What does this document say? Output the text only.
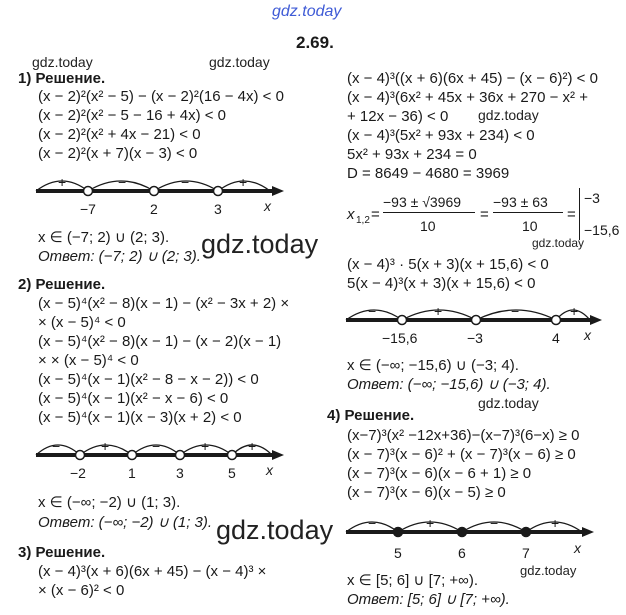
gdz.today
2.69.
gdz.today	gdz.today
gdz.today
gdz.today
gdz.today
gdz.today
gdz.today
1) Решение.
(x − 2)²(x² − 5) − (x − 2)²(16 − 4x) < 0
(x − 2)²(x² − 5 − 16 + 4x) < 0
(x − 2)²(x² + 4x − 21) < 0
(x − 2)²(x + 7)(x − 3) < 0
+	−	−	+
−7	2	3	x
x ∈ (−7; 2) ∪ (2; 3).
Ответ: (−7; 2) ∪ (2; 3).
2) Решение.
(x − 5)⁴(x² − 8)(x − 1) − (x² − 3x + 2) ×
× (x − 5)⁴ < 0
(x − 5)⁴(x² − 8)(x − 1) − (x − 2)(x − 1)
× × (x − 5)⁴ < 0
(x − 5)⁴(x − 1)(x² − 8 − x − 2)) < 0
(x − 5)⁴(x − 1)(x² − x − 6) < 0
(x − 5)⁴(x − 1)(x − 3)(x + 2) < 0
−	+	−	+	+
−2	1	3	5 x
x ∈ (−∞; −2) ∪ (1; 3).
Ответ: (−∞; −2) ∪ (1; 3).
3) Решение.
(x − 4)³(x + 6)(6x + 45) − (x − 4)³ ×
× (x − 6)² < 0
(x − 4)³((x + 6)(6x + 45) − (x − 6)²) < 0
(x − 4)³(6x² + 45x + 36x + 270 − x² +
+ 12x − 36) < 0
(x − 4)³(5x² + 93x + 234) < 0
5x² + 93x + 234 = 0
D = 8649 − 4680 = 3969
x 1,2 =
−93 ± √3969
10
=
−93 ± 63
10
=
−3
−15,6
(x − 4)³ · 5(x + 3)(x + 15,6) < 0
5(x − 4)³(x + 3)(x + 15,6) < 0
−	+	−	+
−15,6	−3	4 x
x ∈ (−∞; −15,6) ∪ (−3; 4).
Ответ: (−∞; −15,6) ∪ (−3; 4).
4) Решение.
(x−7)³(x² −12x+36)−(x−7)³(6−x) ≥ 0
(x − 7)³(x − 6)² + (x − 7)³(x − 6) ≥ 0
(x − 7)³(x − 6)(x − 6 + 1) ≥ 0
(x − 7)³(x − 6)(x − 5) ≥ 0
−	+	−	+
5	6	7	x
x ∈ [5; 6] ∪ [7; +∞).
Ответ: [5; 6] ∪ [7; +∞).
gdz.today
